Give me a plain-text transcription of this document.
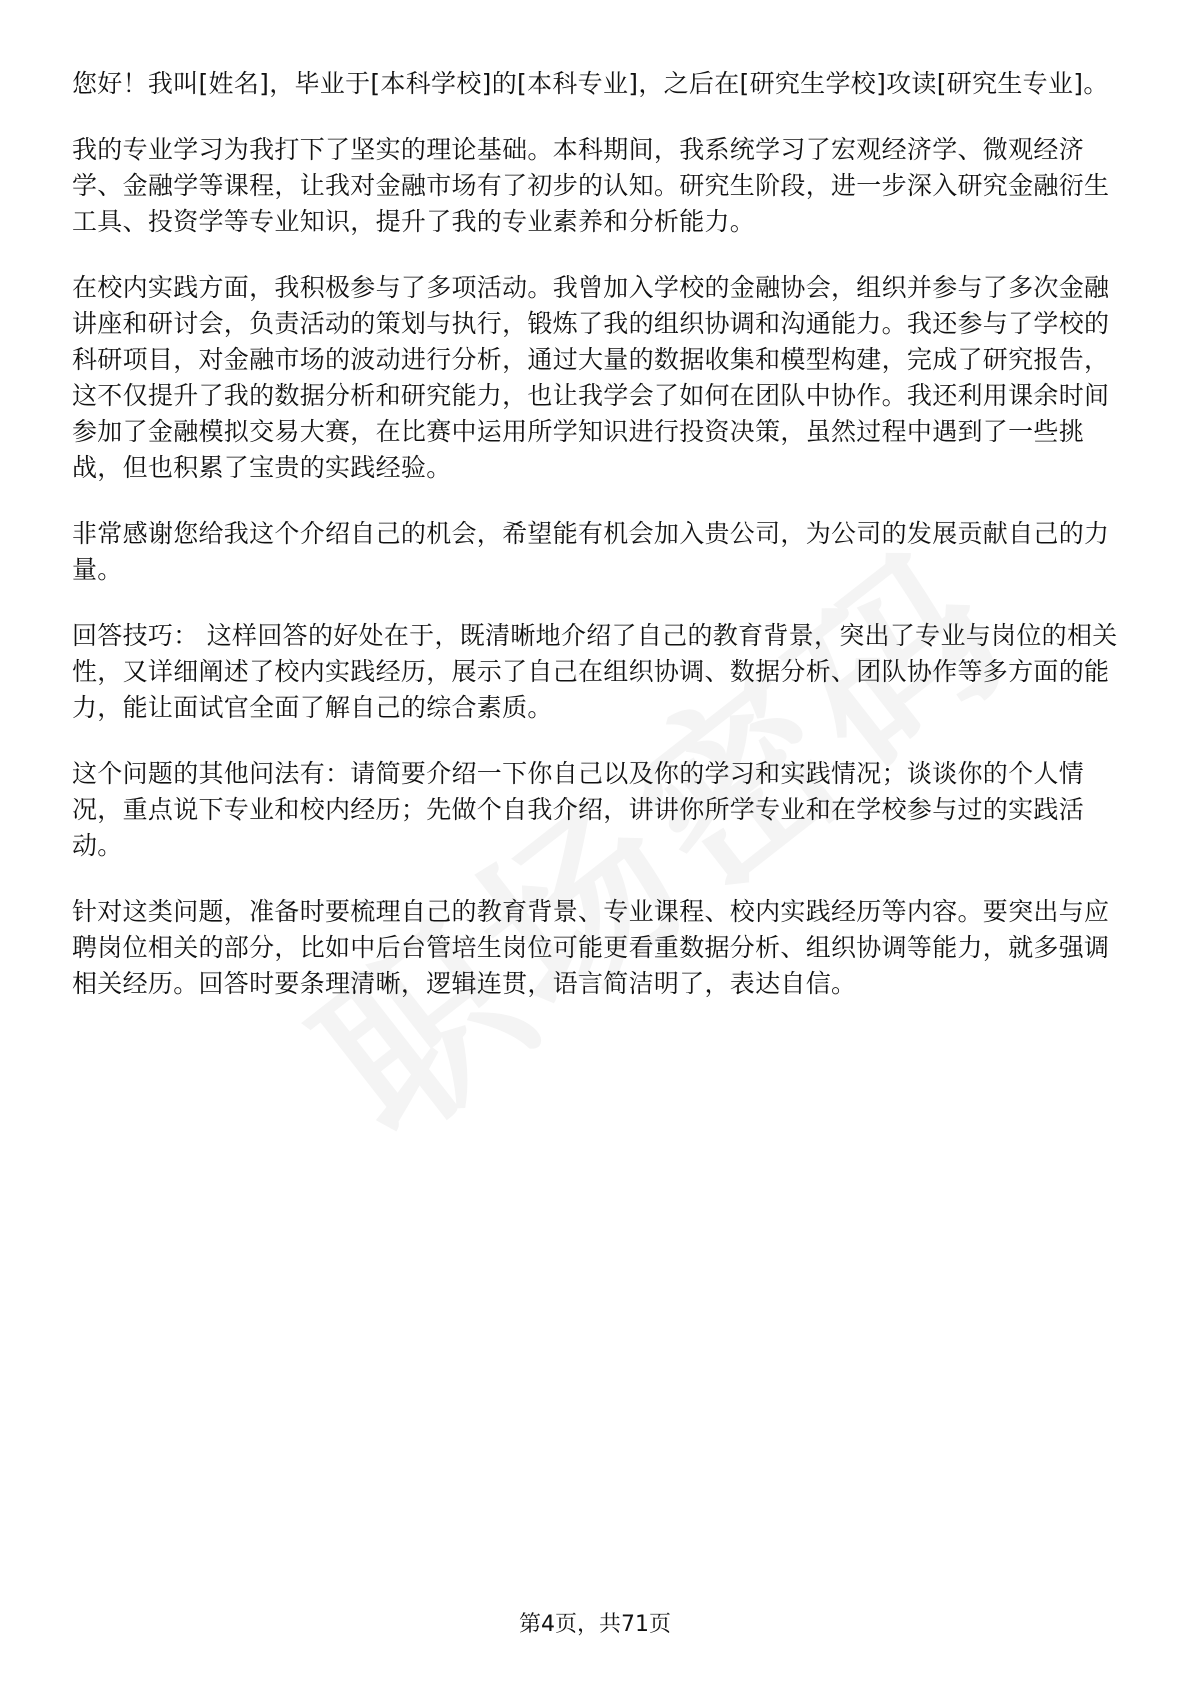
您好！我叫[姓名]，毕业于[本科学校]的[本科专业]，之后在[研究生学校]攻读[研究生专业]。

我的专业学习为我打下了坚实的理论基础。本科期间，我系统学习了宏观经济学、微观经济学、金融学等课程，让我对金融市场有了初步的认知。研究生阶段，进一步深入研究金融衍生工具、投资学等专业知识，提升了我的专业素养和分析能力。

在校内实践方面，我积极参与了多项活动。我曾加入学校的金融协会，组织并参与了多次金融讲座和研讨会，负责活动的策划与执行，锻炼了我的组织协调和沟通能力。我还参与了学校的科研项目，对金融市场的波动进行分析，通过大量的数据收集和模型构建，完成了研究报告，这不仅提升了我的数据分析和研究能力，也让我学会了如何在团队中协作。我还利用课余时间参加了金融模拟交易大赛，在比赛中运用所学知识进行投资决策，虽然过程中遇到了一些挑战，但也积累了宝贵的实践经验。

非常感谢您给我这个介绍自己的机会，希望能有机会加入贵公司，为公司的发展贡献自己的力量。

回答技巧： 这样回答的好处在于，既清晰地介绍了自己的教育背景，突出了专业与岗位的相关性，又详细阐述了校内实践经历，展示了自己在组织协调、数据分析、团队协作等多方面的能力，能让面试官全面了解自己的综合素质。

这个问题的其他问法有：请简要介绍一下你自己以及你的学习和实践情况；谈谈你的个人情况，重点说下专业和校内经历；先做个自我介绍，讲讲你所学专业和在学校参与过的实践活动。

针对这类问题，准备时要梳理自己的教育背景、专业课程、校内实践经历等内容。要突出与应聘岗位相关的部分，比如中后台管培生岗位可能更看重数据分析、组织协调等能力，就多强调相关经历。回答时要条理清晰，逻辑连贯，语言简洁明了，表达自信。

第4页，共71页
